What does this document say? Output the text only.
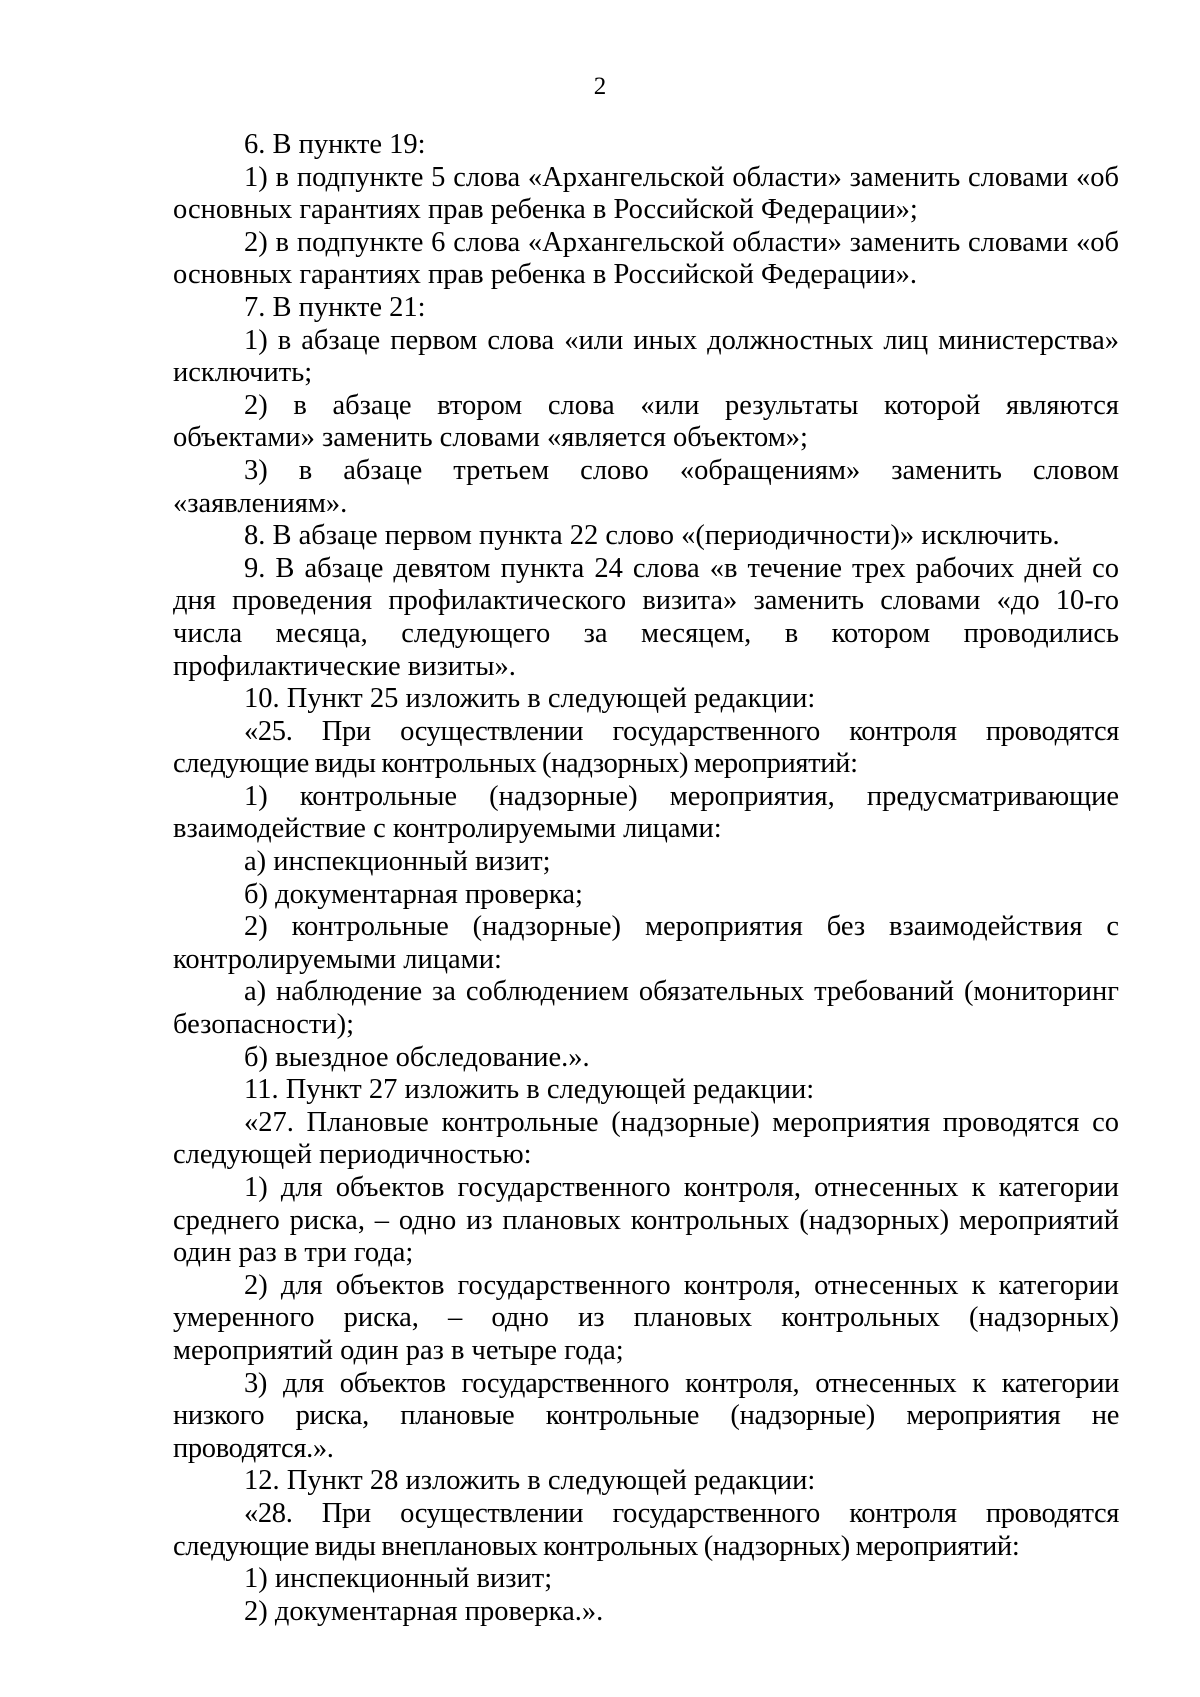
2

6. В пункте 19:

1) в подпункте 5 слова «Архангельской области» заменить словами «об основных гарантиях прав ребенка в Российской Федерации»;

2) в подпункте 6 слова «Архангельской области» заменить словами «об основных гарантиях прав ребенка в Российской Федерации».

7. В пункте 21:

1) в абзаце первом слова «или иных должностных лиц министерства» исключить;

2) в абзаце втором слова «или результаты которой являются объектами» заменить словами «является объектом»;

3) в абзаце третьем слово «обращениям» заменить словом «заявлениям».

8. В абзаце первом пункта 22 слово «(периодичности)» исключить.

9. В абзаце девятом пункта 24 слова «в течение трех рабочих дней со дня проведения профилактического визита» заменить словами «до 10-го числа месяца, следующего за месяцем, в котором проводились профилактические визиты».

10. Пункт 25 изложить в следующей редакции:

«25. При осуществлении государственного контроля проводятся следующие виды контрольных (надзорных) мероприятий:

1) контрольные (надзорные) мероприятия, предусматривающие взаимодействие с контролируемыми лицами:

а) инспекционный визит;

б) документарная проверка;

2) контрольные (надзорные) мероприятия без взаимодействия с контролируемыми лицами:

а) наблюдение за соблюдением обязательных требований (мониторинг безопасности);

б) выездное обследование.».

11. Пункт 27 изложить в следующей редакции:

«27. Плановые контрольные (надзорные) мероприятия проводятся со следующей периодичностью:

1) для объектов государственного контроля, отнесенных к категории среднего риска, – одно из плановых контрольных (надзорных) мероприятий один раз в три года;

2) для объектов государственного контроля, отнесенных к категории умеренного риска, – одно из плановых контрольных (надзорных) мероприятий один раз в четыре года;

3) для объектов государственного контроля, отнесенных к категории низкого риска, плановые контрольные (надзорные) мероприятия не проводятся.».

12. Пункт 28 изложить в следующей редакции:

«28. При осуществлении государственного контроля проводятся следующие виды внеплановых контрольных (надзорных) мероприятий:

1) инспекционный визит;

2) документарная проверка.».
